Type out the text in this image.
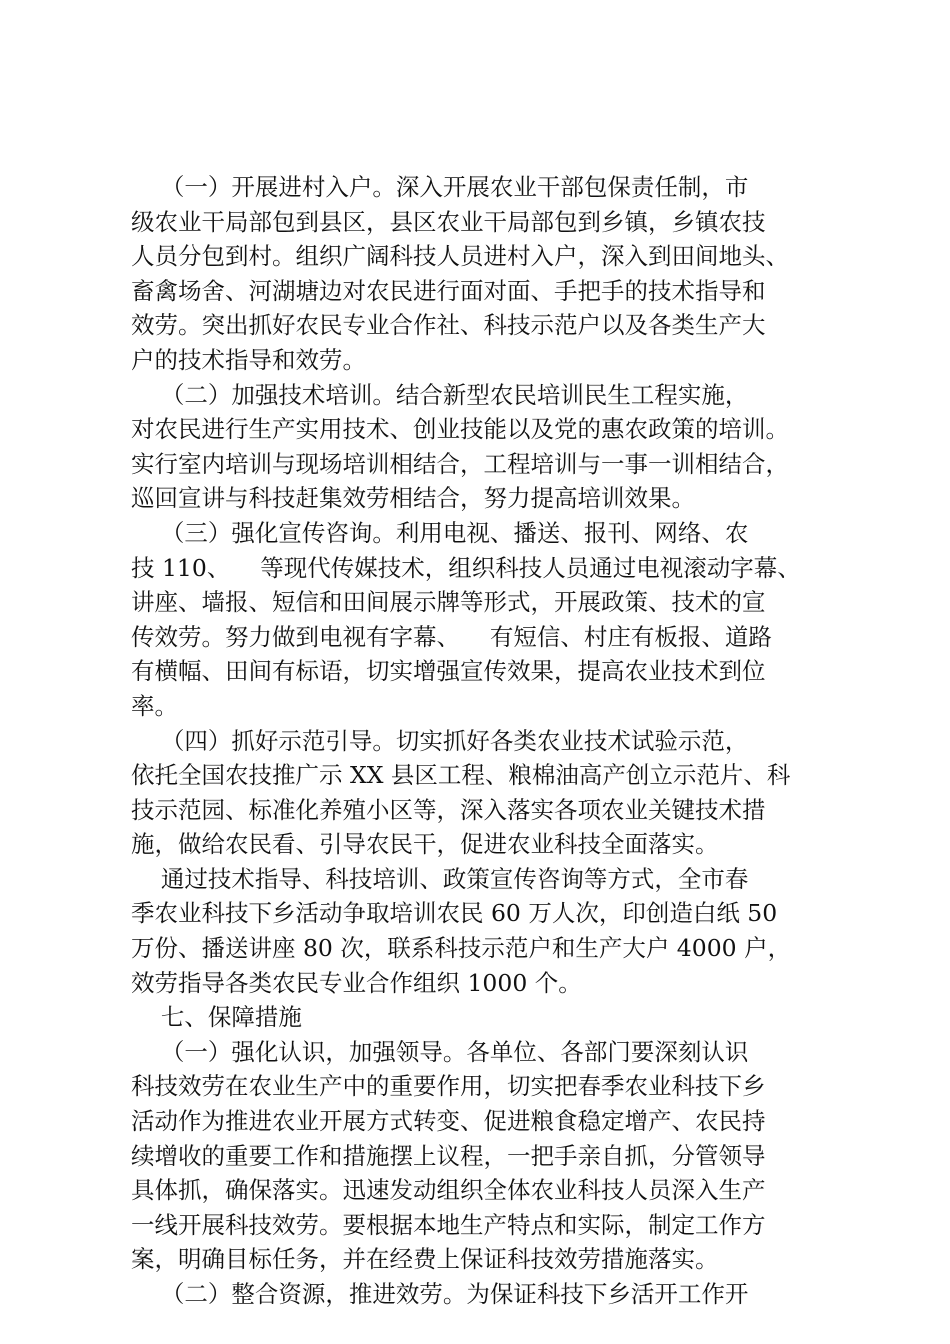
（一）开展进村入户。深入开展农业干部包保责任制，市
级农业干局部包到县区，县区农业干局部包到乡镇，乡镇农技
人员分包到村。组织广阔科技人员进村入户，深入到田间地头、
畜禽场舍、河湖塘边对农民进行面对面、手把手的技术指导和
效劳。突出抓好农民专业合作社、科技示范户以及各类生产大
户的技术指导和效劳。
（二）加强技术培训。结合新型农民培训民生工程实施，
对农民进行生产实用技术、创业技能以及党的惠农政策的培训。
实行室内培训与现场培训相结合，工程培训与一事一训相结合，
巡回宣讲与科技赶集效劳相结合，努力提高培训效果。
（三）强化宣传咨询。利用电视、播送、报刊、网络、农
技 110、    等现代传媒技术，组织科技人员通过电视滚动字幕、
讲座、墙报、短信和田间展示牌等形式，开展政策、技术的宣
传效劳。努力做到电视有字幕、    有短信、村庄有板报、道路
有横幅、田间有标语，切实增强宣传效果，提高农业技术到位
率。
（四）抓好示范引导。切实抓好各类农业技术试验示范，
依托全国农技推广示 XX 县区工程、粮棉油高产创立示范片、科
技示范园、标准化养殖小区等，深入落实各项农业关键技术措
施，做给农民看、引导农民干，促进农业科技全面落实。
通过技术指导、科技培训、政策宣传咨询等方式，全市春
季农业科技下乡活动争取培训农民 60 万人次，印创造白纸 50
万份、播送讲座 80 次，联系科技示范户和生产大户 4000 户，
效劳指导各类农民专业合作组织 1000 个。
七、保障措施
（一）强化认识，加强领导。各单位、各部门要深刻认识
科技效劳在农业生产中的重要作用，切实把春季农业科技下乡
活动作为推进农业开展方式转变、促进粮食稳定增产、农民持
续增收的重要工作和措施摆上议程，一把手亲自抓，分管领导
具体抓，确保落实。迅速发动组织全体农业科技人员深入生产
一线开展科技效劳。要根据本地生产特点和实际，制定工作方
案，明确目标任务，并在经费上保证科技效劳措施落实。
（二）整合资源，推进效劳。为保证科技下乡活开工作开
